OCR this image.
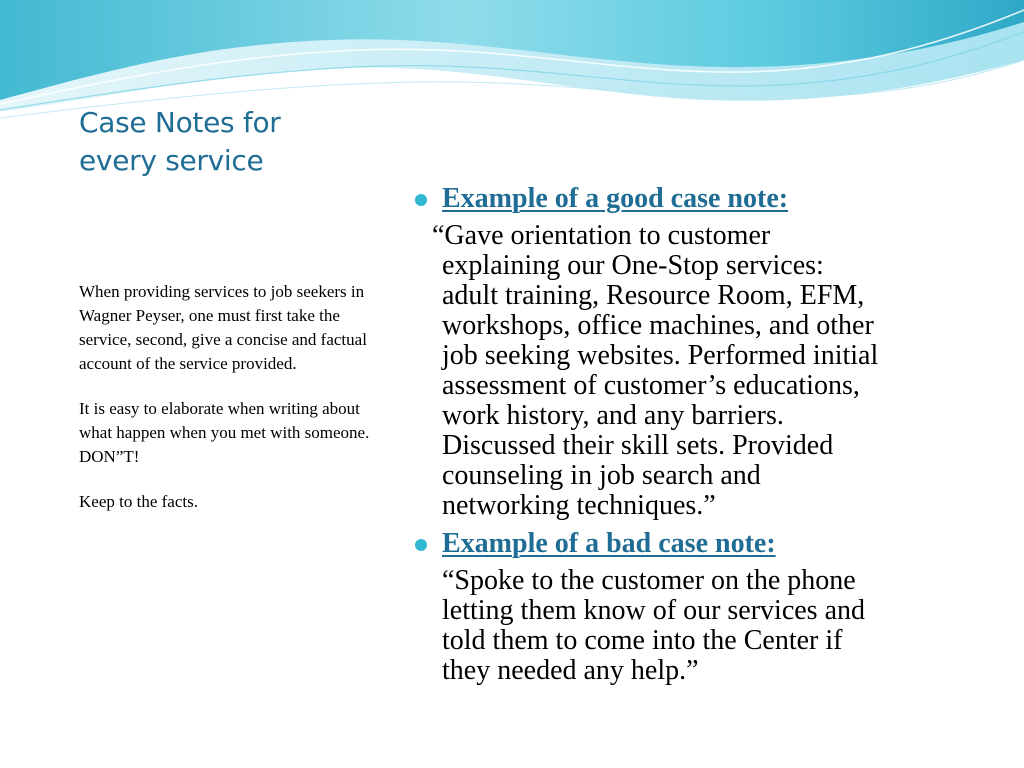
Case Notes for
every service

When providing services to job seekers in Wagner Peyser, one must first take the service, second, give a concise and factual account of the service provided.

It is easy to elaborate when writing about what happen when you met with someone. DON”T!

Keep to the facts.

Example of a good case note:
“Gave orientation to customer
explaining our One-Stop services:
adult training, Resource Room, EFM,
workshops, office machines, and other
job seeking websites. Performed initial
assessment of customer’s educations,
work history, and any barriers.
Discussed their skill sets. Provided
counseling in job search and
networking techniques.”
Example of a bad case note:
“Spoke to the customer on the phone
letting them know of our services and
told them to come into the Center if
they needed any help.”
